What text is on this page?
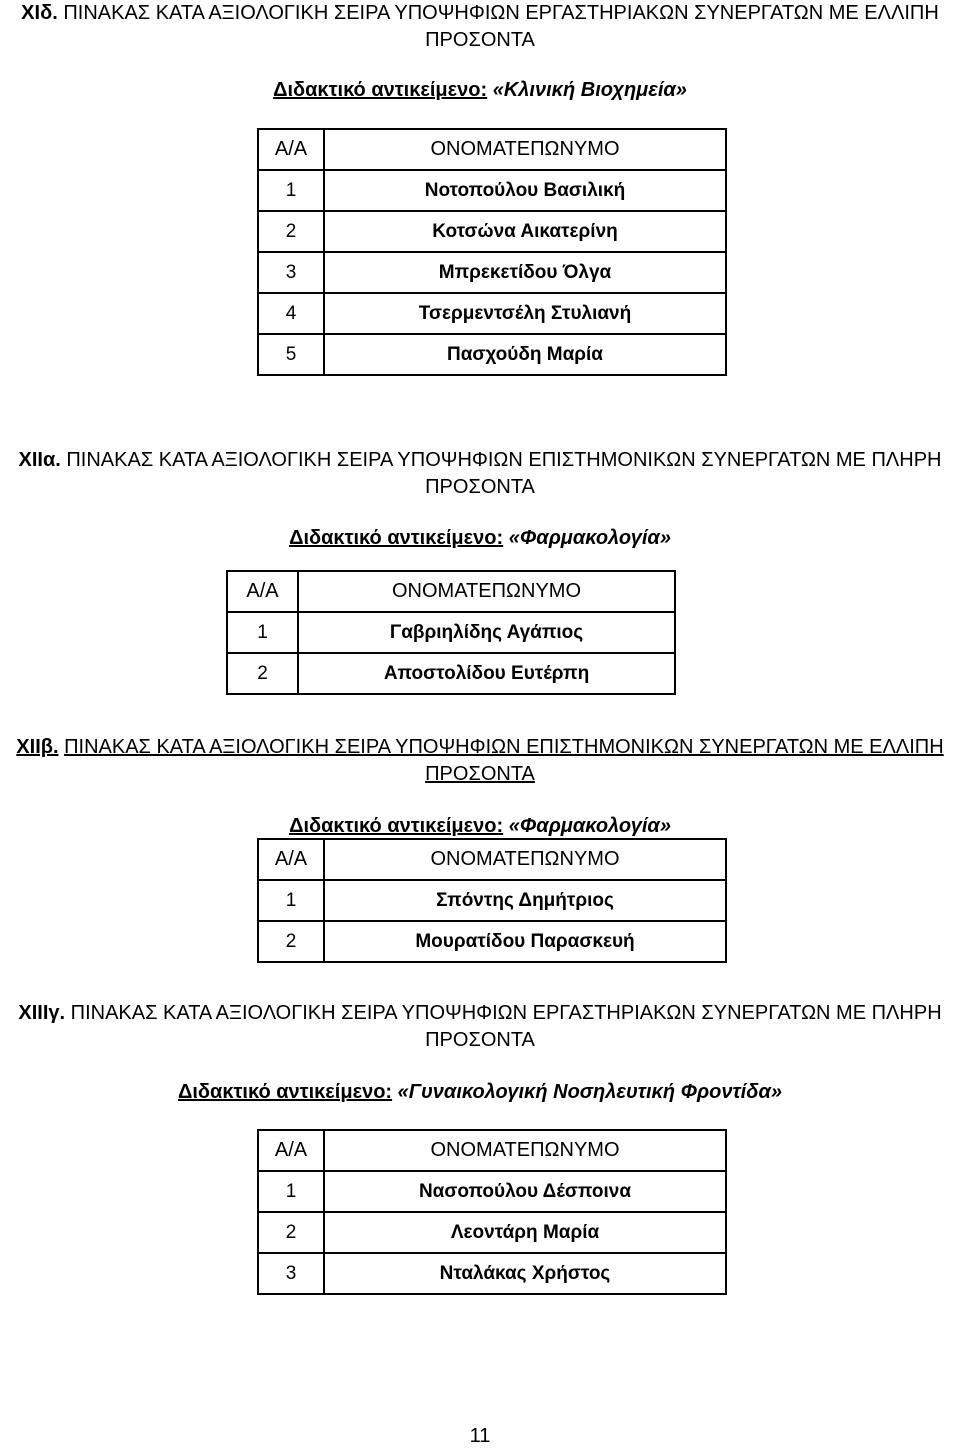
ΧΙδ. ΠΙΝΑΚΑΣ ΚΑΤΑ ΑΞΙΟΛΟΓΙΚΗ ΣΕΙΡΑ ΥΠΟΨΗΦΙΩΝ ΕΡΓΑΣΤΗΡΙΑΚΩΝ ΣΥΝΕΡΓΑΤΩΝ ΜΕ ΕΛΛΙΠΗ ΠΡΟΣΟΝΤΑ

Διδακτικό αντικείμενο: «Κλινική Βιοχημεία»

Α/Α	ΟΝΟΜΑΤΕΠΩΝΥΜΟ
1	Νοτοπούλου Βασιλική
2	Κοτσώνα Αικατερίνη
3	Μπρεκετίδου Όλγα
4	Τσερμεντσέλη Στυλιανή
5	Πασχούδη Μαρία

ΧΙΙα. ΠΙΝΑΚΑΣ ΚΑΤΑ ΑΞΙΟΛΟΓΙΚΗ ΣΕΙΡΑ ΥΠΟΨΗΦΙΩΝ ΕΠΙΣΤΗΜΟΝΙΚΩΝ ΣΥΝΕΡΓΑΤΩΝ ΜΕ ΠΛΗΡΗ ΠΡΟΣΟΝΤΑ

Διδακτικό αντικείμενο: «Φαρμακολογία»

Α/Α	ΟΝΟΜΑΤΕΠΩΝΥΜΟ
1	Γαβριηλίδης Αγάπιος
2	Αποστολίδου Ευτέρπη

ΧΙΙβ. ΠΙΝΑΚΑΣ ΚΑΤΑ ΑΞΙΟΛΟΓΙΚΗ ΣΕΙΡΑ ΥΠΟΨΗΦΙΩΝ ΕΠΙΣΤΗΜΟΝΙΚΩΝ ΣΥΝΕΡΓΑΤΩΝ ΜΕ ΕΛΛΙΠΗ ΠΡΟΣΟΝΤΑ

Διδακτικό αντικείμενο: «Φαρμακολογία»

Α/Α	ΟΝΟΜΑΤΕΠΩΝΥΜΟ
1	Σπόντης Δημήτριος
2	Μουρατίδου Παρασκευή

ΧΙΙΙγ. ΠΙΝΑΚΑΣ ΚΑΤΑ ΑΞΙΟΛΟΓΙΚΗ ΣΕΙΡΑ ΥΠΟΨΗΦΙΩΝ ΕΡΓΑΣΤΗΡΙΑΚΩΝ ΣΥΝΕΡΓΑΤΩΝ ΜΕ ΠΛΗΡΗ ΠΡΟΣΟΝΤΑ

Διδακτικό αντικείμενο: «Γυναικολογική Νοσηλευτική Φροντίδα»

Α/Α	ΟΝΟΜΑΤΕΠΩΝΥΜΟ
1	Νασοπούλου Δέσποινα
2	Λεοντάρη Μαρία
3	Νταλάκας Χρήστος
11
